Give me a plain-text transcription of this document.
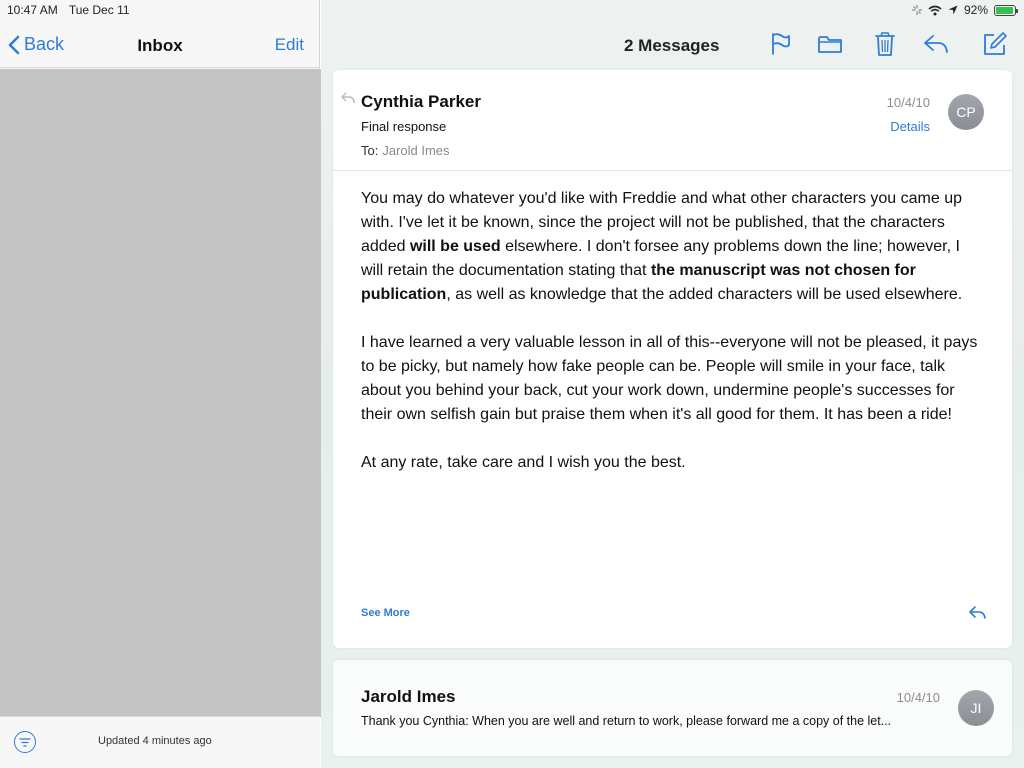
10:47 AM Tue Dec 11	92%
Back	Inbox	Edit
Updated 4 minutes ago
2 Messages
Cynthia Parker
Final response
To: Jarold Imes
10/4/10
Details
CP

You may do whatever you'd like with Freddie and what other characters you came up with. I've let it be known, since the project will not be published, that the characters added will be used elsewhere. I don't forsee any problems down the line; however, I will retain the documentation stating that the manuscript was not chosen for publication, as well as knowledge that the added characters will be used elsewhere.

I have learned a very valuable lesson in all of this--everyone will not be pleased, it pays to be picky, but namely how fake people can be. People will smile in your face, talk about you behind your back, cut your work down, undermine people's successes for their own selfish gain but praise them when it's all good for them. It has been a ride!

At any rate, take care and I wish you the best.

See More
Jarold Imes	10/4/10
Thank you Cynthia: When you are well and return to work, please forward me a copy of the let...
JI
